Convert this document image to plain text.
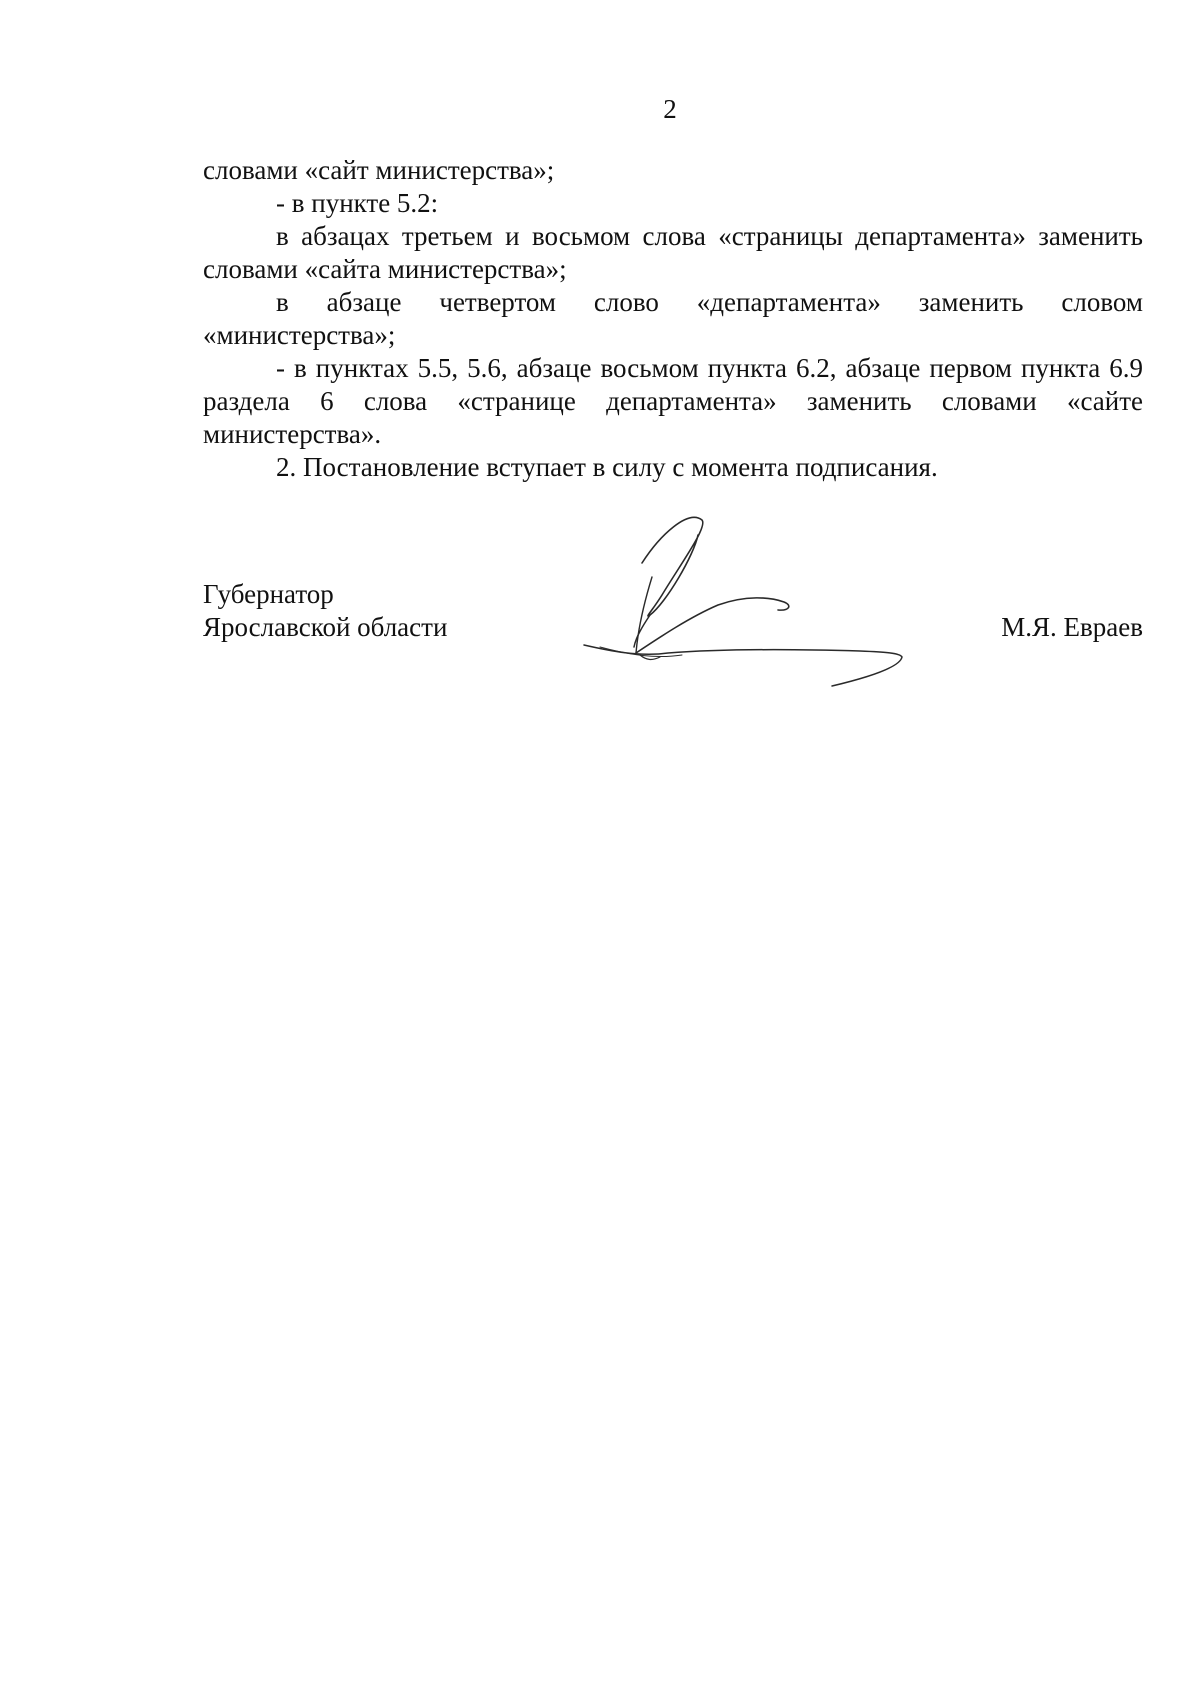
2

словами «сайт министерства»;

- в пункте 5.2:

в абзацах третьем и восьмом слова «страницы департамента» заменить словами «сайта министерства»;

в абзаце четвертом слово «департамента» заменить словом «министерства»;

- в пунктах 5.5, 5.6, абзаце восьмом пункта 6.2, абзаце первом пункта 6.9 раздела 6 слова «странице департамента» заменить словами «сайте министерства».

2. Постановление вступает в силу с момента подписания.

Губернатор
Ярославской области	М.Я. Евраев
